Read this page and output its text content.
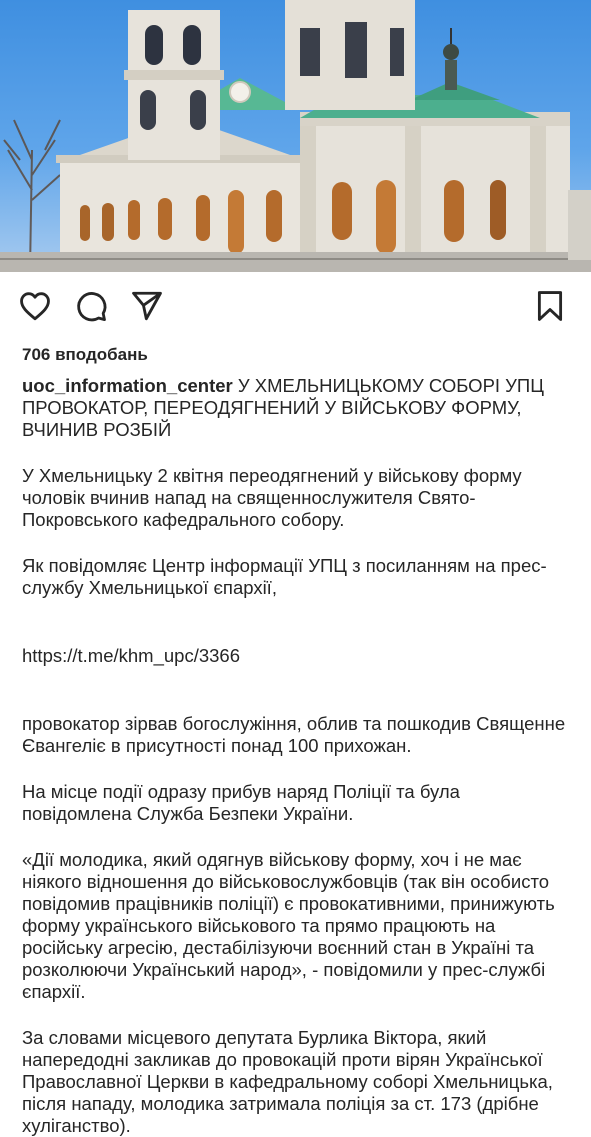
706 вподобань
uoc_information_center У ХМЕЛЬНИЦЬКОМУ СОБОРІ УПЦ ПРОВОКАТОР, ПЕРЕОДЯГНЕНИЙ У ВІЙСЬКОВУ ФОРМУ, ВЧИНИВ РОЗБІЙ

У Хмельницьку 2 квітня переодягнений у військову форму чоловік вчинив напад на священнослужителя Свято-Покровського кафедрального собору.

Як повідомляє Центр інформації УПЦ з посиланням на прес-службу Хмельницької єпархії,

https://t.me/khm_upc/3366

провокатор зірвав богослужіння, облив та пошкодив Священне Євангеліє в присутності понад 100 прихожан.

На місце події одразу прибув наряд Поліції та була повідомлена Служба Безпеки України.

«Дії молодика, який одягнув військову форму, хоч і не має ніякого відношення до військовослужбовців (так він особисто повідомив працівників поліції) є провокативними, принижують форму українського військового та прямо працюють на російську агресію, дестабілізуючи воєнний стан в Україні та розколюючи Український народ», - повідомили у прес-службі єпархії.

За словами місцевого депутата Бурлика Віктора, який напередодні закликав до провокацій проти вірян Української Православної Церкви в кафедральному соборі Хмельницька, після нападу, молодика затримала поліція за ст. 173 (дрібне хуліганство).
